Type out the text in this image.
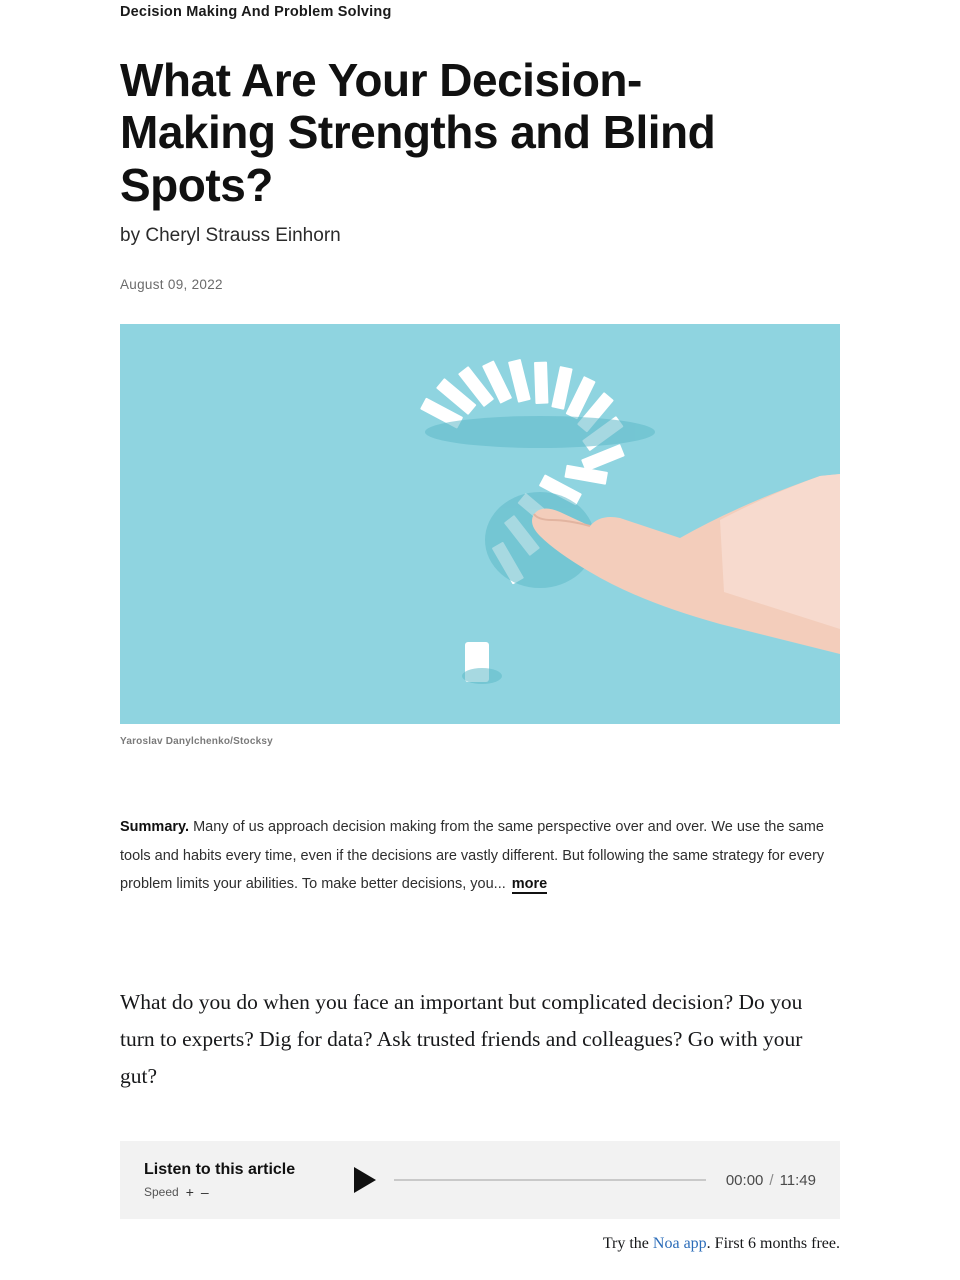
Decision Making And Problem Solving
What Are Your Decision-Making Strengths and Blind Spots?
by Cheryl Strauss Einhorn
August 09, 2022
Yaroslav Danylchenko/Stocksy
Summary. Many of us approach decision making from the same perspective over and over. We use the same tools and habits every time, even if the decisions are vastly different. But following the same strategy for every problem limits your abilities. To make better decisions, you... more

What do you do when you face an important but complicated decision? Do you turn to experts? Dig for data? Ask trusted friends and colleagues? Go with your gut?

Listen to this article
Speed + –
00:00 / 11:49
Try the Noa app. First 6 months free.
